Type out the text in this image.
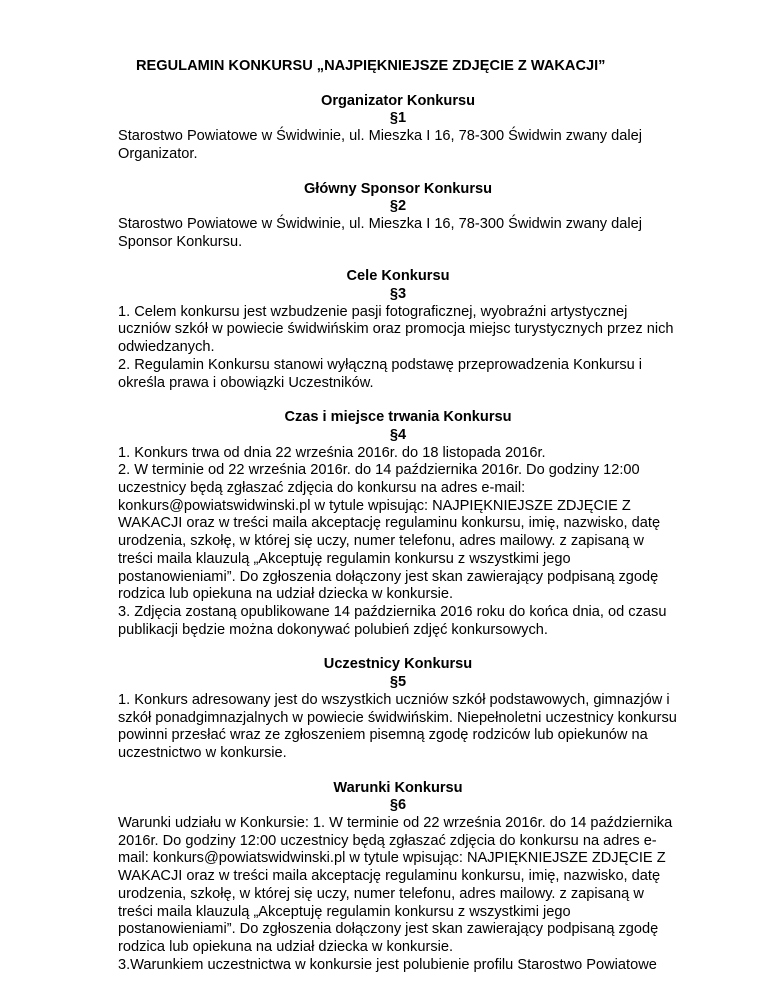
REGULAMIN KONKURSU „NAJPIĘKNIEJSZE ZDJĘCIE Z WAKACJI”
Organizator Konkursu
§1
Starostwo Powiatowe w Świdwinie, ul. Mieszka I 16, 78-300 Świdwin zwany dalej Organizator.
Główny Sponsor Konkursu
§2
Starostwo Powiatowe w Świdwinie, ul. Mieszka I 16, 78-300 Świdwin zwany dalej Sponsor Konkursu.
Cele Konkursu
§3
1. Celem konkursu jest wzbudzenie pasji fotograficznej, wyobraźni artystycznej uczniów szkół w powiecie świdwińskim oraz promocja miejsc turystycznych przez nich odwiedzanych.
2. Regulamin Konkursu stanowi wyłączną podstawę przeprowadzenia Konkursu i określa prawa i obowiązki Uczestników.
Czas i miejsce trwania Konkursu
§4
1. Konkurs trwa od dnia 22 września 2016r. do 18 listopada 2016r.
2. W terminie od 22 września 2016r. do 14 października 2016r. Do godziny 12:00 uczestnicy będą zgłaszać zdjęcia do konkursu na adres e-mail: konkurs@powiatswidwinski.pl w tytule wpisując: NAJPIĘKNIEJSZE ZDJĘCIE Z WAKACJI oraz w treści maila akceptację regulaminu konkursu, imię, nazwisko, datę urodzenia, szkołę, w której się uczy, numer telefonu, adres mailowy. z zapisaną w treści maila klauzulą „Akceptuję regulamin konkursu z wszystkimi jego postanowieniami”. Do zgłoszenia dołączony jest skan zawierający podpisaną zgodę rodzica lub opiekuna na udział dziecka w konkursie.
3. Zdjęcia zostaną opublikowane 14 października 2016 roku do końca dnia, od czasu publikacji będzie można dokonywać polubień zdjęć konkursowych.
Uczestnicy Konkursu
§5
1. Konkurs adresowany jest do wszystkich uczniów szkół podstawowych, gimnazjów i szkół ponadgimnazjalnych w powiecie świdwińskim. Niepełnoletni uczestnicy konkursu powinni przesłać wraz ze zgłoszeniem pisemną zgodę rodziców lub opiekunów na uczestnictwo w konkursie.
Warunki Konkursu
§6
Warunki udziału w Konkursie: 1. W terminie od 22 września 2016r. do 14 października 2016r. Do godziny 12:00 uczestnicy będą zgłaszać zdjęcia do konkursu na adres e-mail: konkurs@powiatswidwinski.pl w tytule wpisując: NAJPIĘKNIEJSZE ZDJĘCIE Z WAKACJI oraz w treści maila akceptację regulaminu konkursu, imię, nazwisko, datę urodzenia, szkołę, w której się uczy, numer telefonu, adres mailowy. z zapisaną w treści maila klauzulą „Akceptuję regulamin konkursu z wszystkimi jego postanowieniami”. Do zgłoszenia dołączony jest skan zawierający podpisaną zgodę rodzica lub opiekuna na udział dziecka w konkursie.
3.Warunkiem uczestnictwa w konkursie jest polubienie profilu Starostwo Powiatowe
